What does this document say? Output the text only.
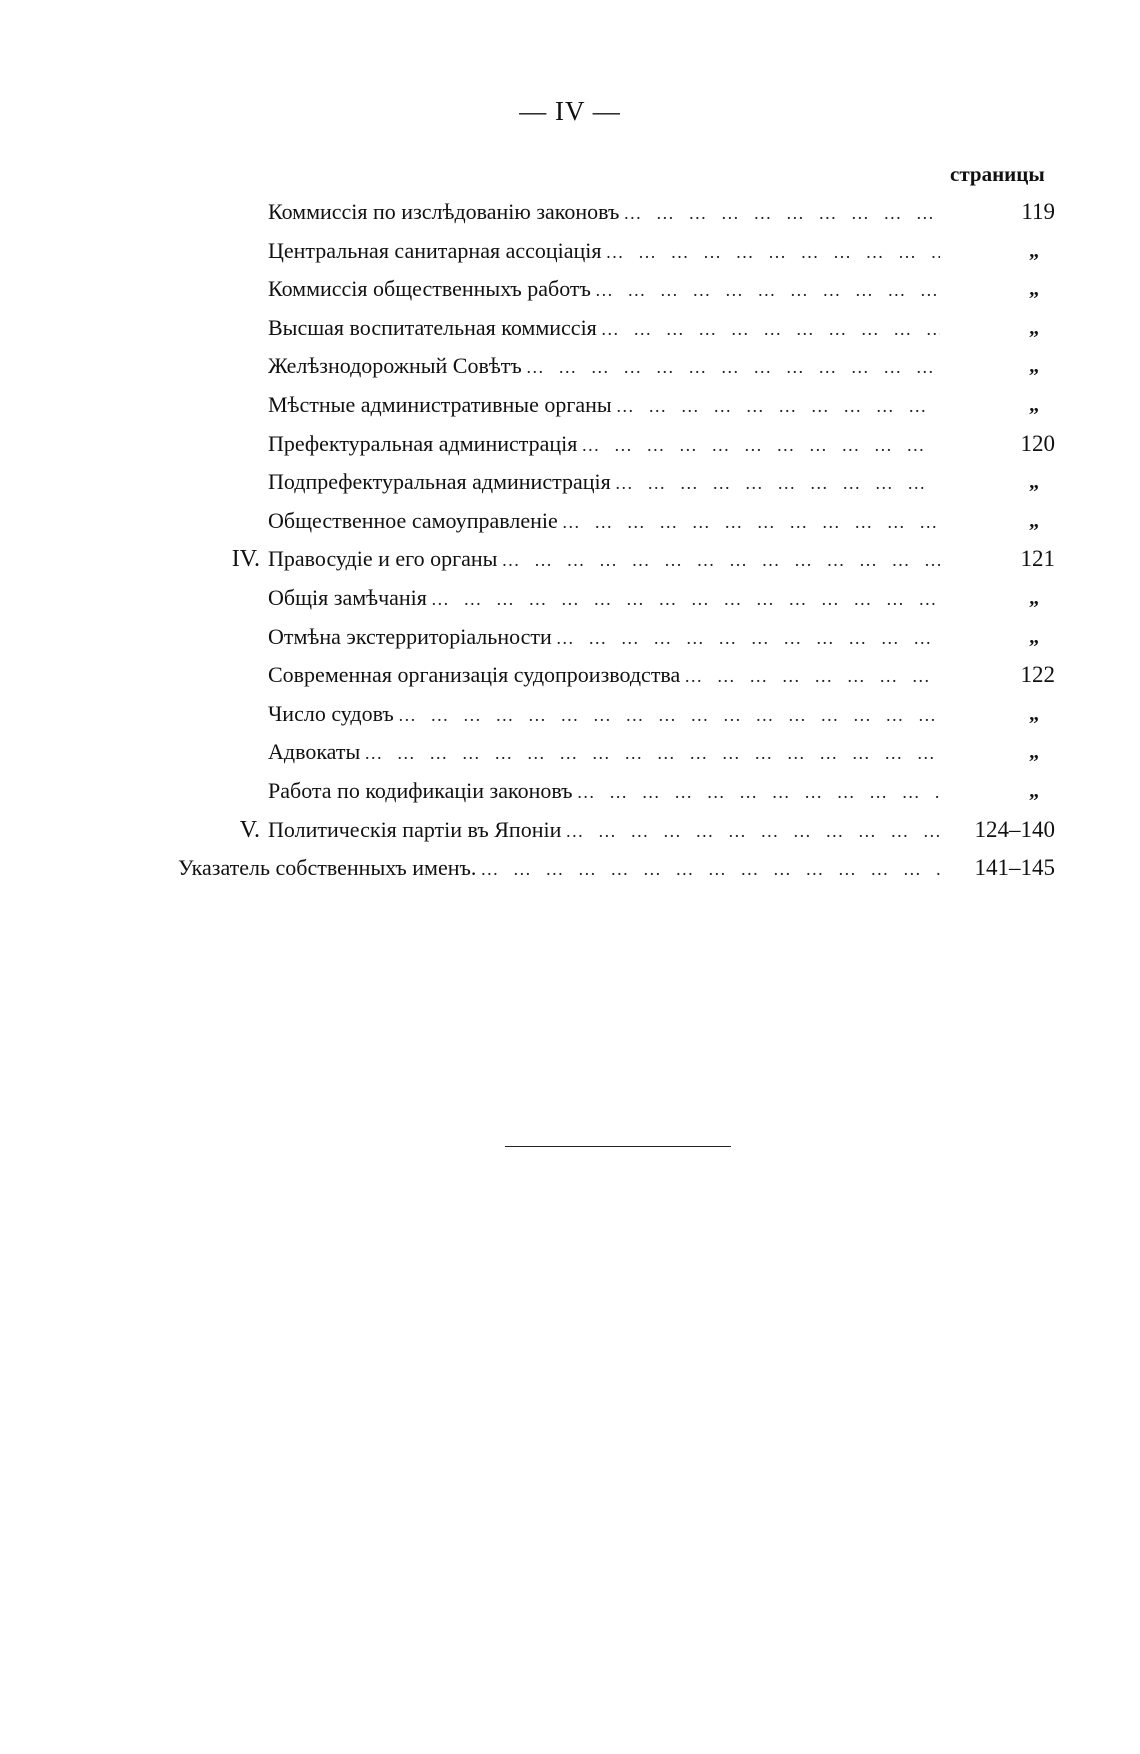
— IV —
страницы
Коммиссія по изслѣдованію законовъ … … … … … … … … … … … … … … … … … … … … … … … … … … … … … … … …	119
Центральная санитарная ассоціація … … … … … … … … … … … … … … … … … … … … … … … … … … … … … … … …	„
Коммиссія общественныхъ работъ … … … … … … … … … … … … … … … … … … … … … … … … … … … … … … … …	„
Высшая воспитательная коммиссія … … … … … … … … … … … … … … … … … … … … … … … … … … … … … … … …	„
Желѣзнодорожный Совѣтъ … … … … … … … … … … … … … … … … … … … … … … … … … … … … … … … …	„
Мѣстные административные органы … … … … … … … … … … … … … … … … … … … … … … … … … … … … … … … …	„
Префектуральная администрація … … … … … … … … … … … … … … … … … … … … … … … … … … … … … … … …	120
Подпрефектуральная администрація … … … … … … … … … … … … … … … … … … … … … … … … … … … … … … … …	„
Общественное самоуправленіе … … … … … … … … … … … … … … … … … … … … … … … … … … … … … … … …	„
IV. Правосудіе и его органы … … … … … … … … … … … … … … … … … … … … … … … … … … … … … … … …	121
Общія замѣчанія … … … … … … … … … … … … … … … … … … … … … … … … … … … … … … … …	„
Отмѣна экстерриторіальности … … … … … … … … … … … … … … … … … … … … … … … … … … … … … … … …	„
Современная организація судопроизводства … … … … … … … … … … … … … … … … … … … … … … … … … … … … … … … …	122
Число судовъ … … … … … … … … … … … … … … … … … … … … … … … … … … … … … … … …	„
Адвокаты … … … … … … … … … … … … … … … … … … … … … … … … … … … … … … … …	„
Работа по кодификаціи законовъ … … … … … … … … … … … … … … … … … … … … … … … … … … … … … … … …	„
V. Политическія партіи въ Японіи … … … … … … … … … … … … … … … … … … … … … … … … … … … … … … … …	124–140
Указатель собственныхъ именъ. … … … … … … … … … … … … … … … … … … … … … … … … … … … … … … … …	141–145
